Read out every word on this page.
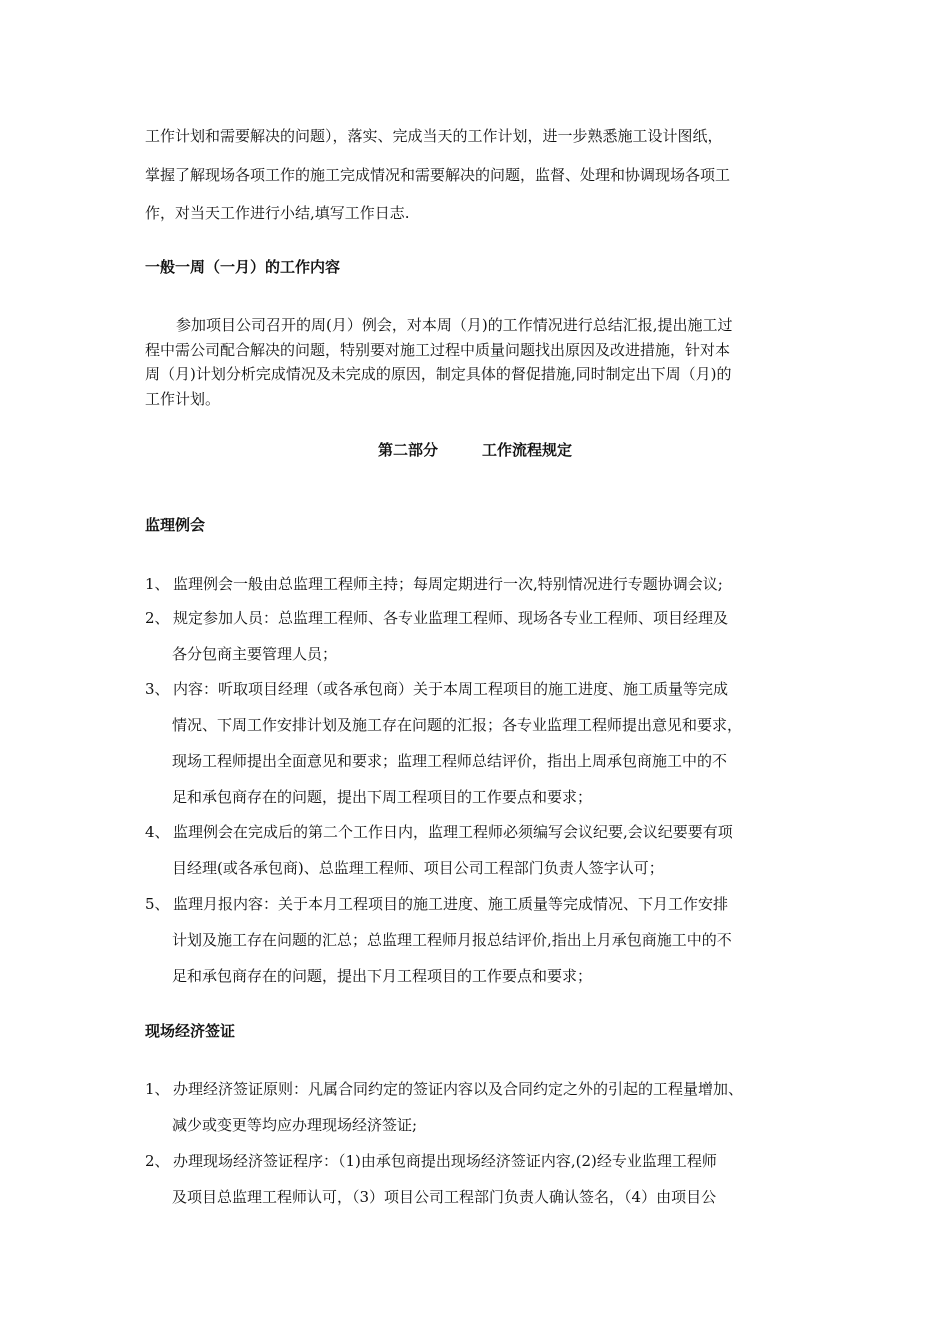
工作计划和需要解决的问题），落实、完成当天的工作计划，进一步熟悉施工设计图纸，
掌握了解现场各项工作的施工完成情况和需要解决的问题，监督、处理和协调现场各项工
作，对当天工作进行小结,填写工作日志.
一般一周（一月）的工作内容
参加项目公司召开的周(月）例会，对本周（月)的工作情况进行总结汇报,提出施工过
程中需公司配合解决的问题，特别要对施工过程中质量问题找出原因及改进措施，针对本
周（月)计划分析完成情况及未完成的原因，制定具体的督促措施,同时制定出下周（月)的
工作计划。
第二部分	工作流程规定
监理例会
1、 监理例会一般由总监理工程师主持；每周定期进行一次,特别情况进行专题协调会议;
2、 规定参加人员：总监理工程师、各专业监理工程师、现场各专业工程师、项目经理及
各分包商主要管理人员；
3、 内容：听取项目经理（或各承包商）关于本周工程项目的施工进度、施工质量等完成
情况、下周工作安排计划及施工存在问题的汇报；各专业监理工程师提出意见和要求，
现场工程师提出全面意见和要求；监理工程师总结评价，指出上周承包商施工中的不
足和承包商存在的问题，提出下周工程项目的工作要点和要求；
4、 监理例会在完成后的第二个工作日内，监理工程师必须编写会议纪要,会议纪要要有项
目经理(或各承包商)、总监理工程师、项目公司工程部门负责人签字认可；
5、 监理月报内容：关于本月工程项目的施工进度、施工质量等完成情况、下月工作安排
计划及施工存在问题的汇总；总监理工程师月报总结评价,指出上月承包商施工中的不
足和承包商存在的问题，提出下月工程项目的工作要点和要求；
现场经济签证
1、 办理经济签证原则：凡属合同约定的签证内容以及合同约定之外的引起的工程量增加、
减少或变更等均应办理现场经济签证;
2、 办理现场经济签证程序：（1)由承包商提出现场经济签证内容,(2)经专业监理工程师
及项目总监理工程师认可，（3）项目公司工程部门负责人确认签名，（4）由项目公
